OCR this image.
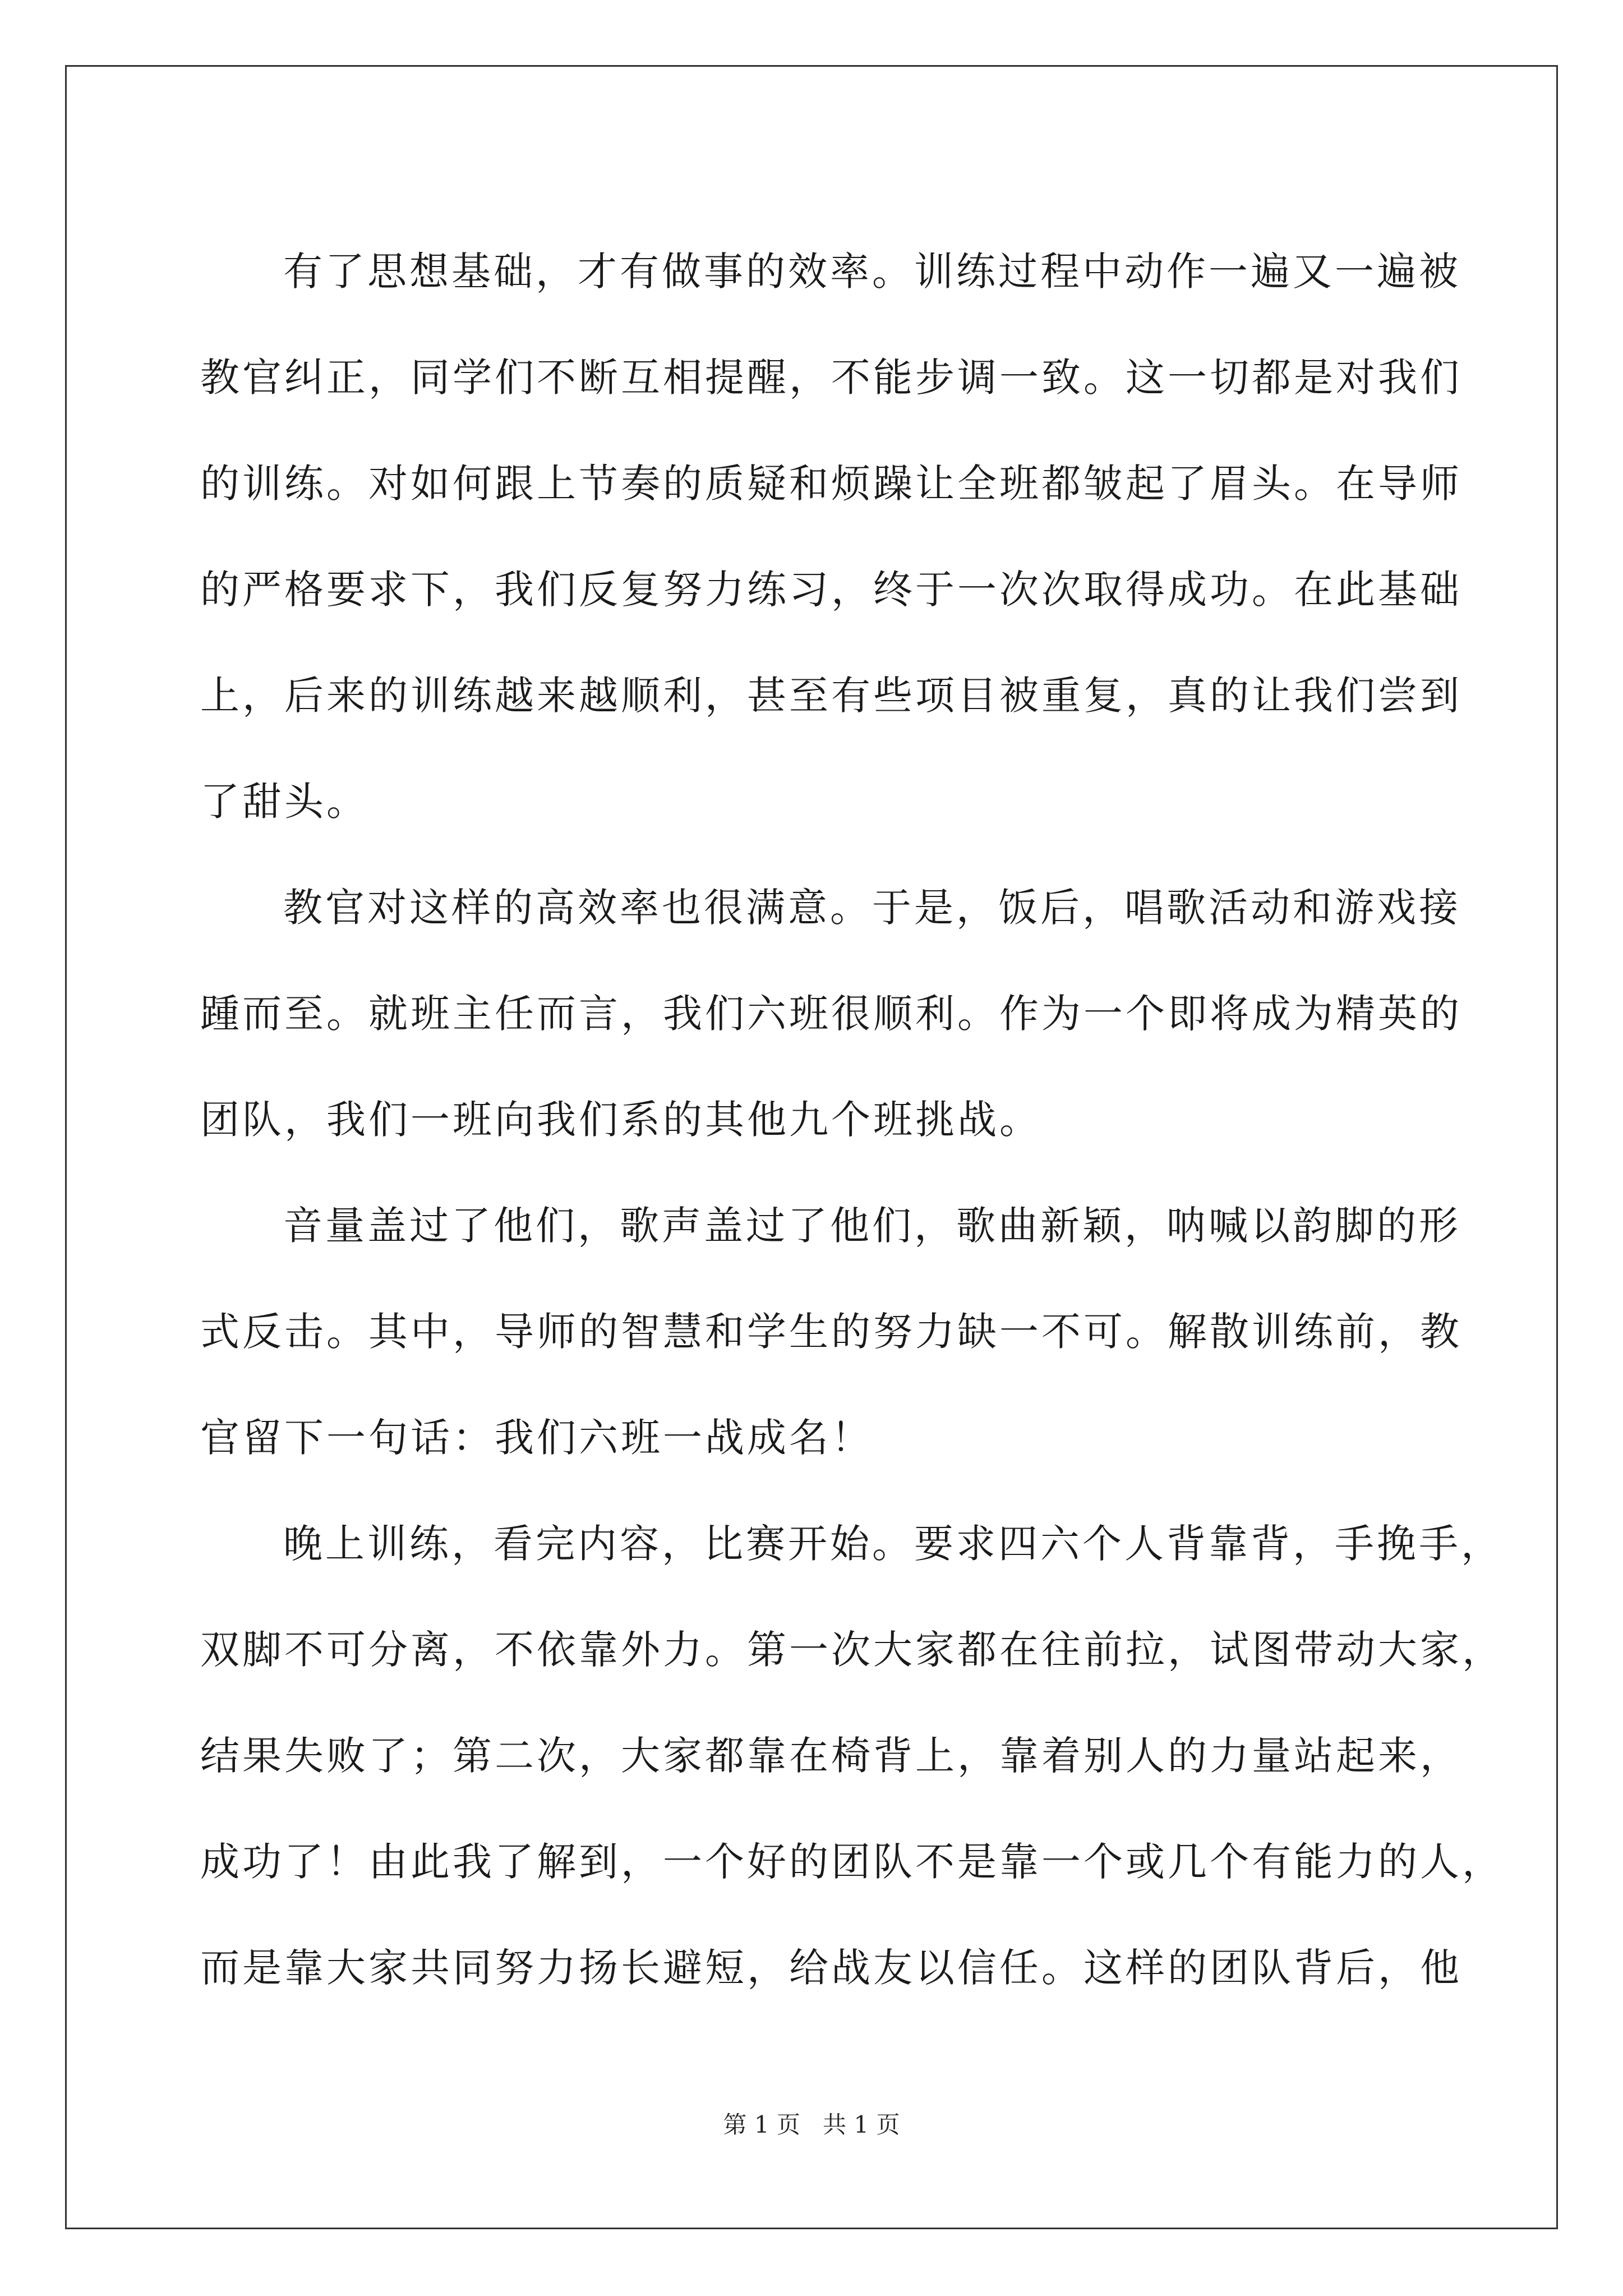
有了思想基础，才有做事的效率。训练过程中动作一遍又一遍被
教官纠正，同学们不断互相提醒，不能步调一致。这一切都是对我们
的训练。对如何跟上节奏的质疑和烦躁让全班都皱起了眉头。在导师
的严格要求下，我们反复努力练习，终于一次次取得成功。在此基础
上，后来的训练越来越顺利，甚至有些项目被重复，真的让我们尝到
了甜头。
教官对这样的高效率也很满意。于是，饭后，唱歌活动和游戏接
踵而至。就班主任而言，我们六班很顺利。作为一个即将成为精英的
团队，我们一班向我们系的其他九个班挑战。
音量盖过了他们，歌声盖过了他们，歌曲新颖，呐喊以韵脚的形
式反击。其中，导师的智慧和学生的努力缺一不可。解散训练前，教
官留下一句话：我们六班一战成名！
晚上训练，看完内容，比赛开始。要求四六个人背靠背，手挽手，
双脚不可分离，不依靠外力。第一次大家都在往前拉，试图带动大家，
结果失败了；第二次，大家都靠在椅背上，靠着别人的力量站起来，
成功了！由此我了解到，一个好的团队不是靠一个或几个有能力的人，
而是靠大家共同努力扬长避短，给战友以信任。这样的团队背后，他
第 1 页   共 1 页
